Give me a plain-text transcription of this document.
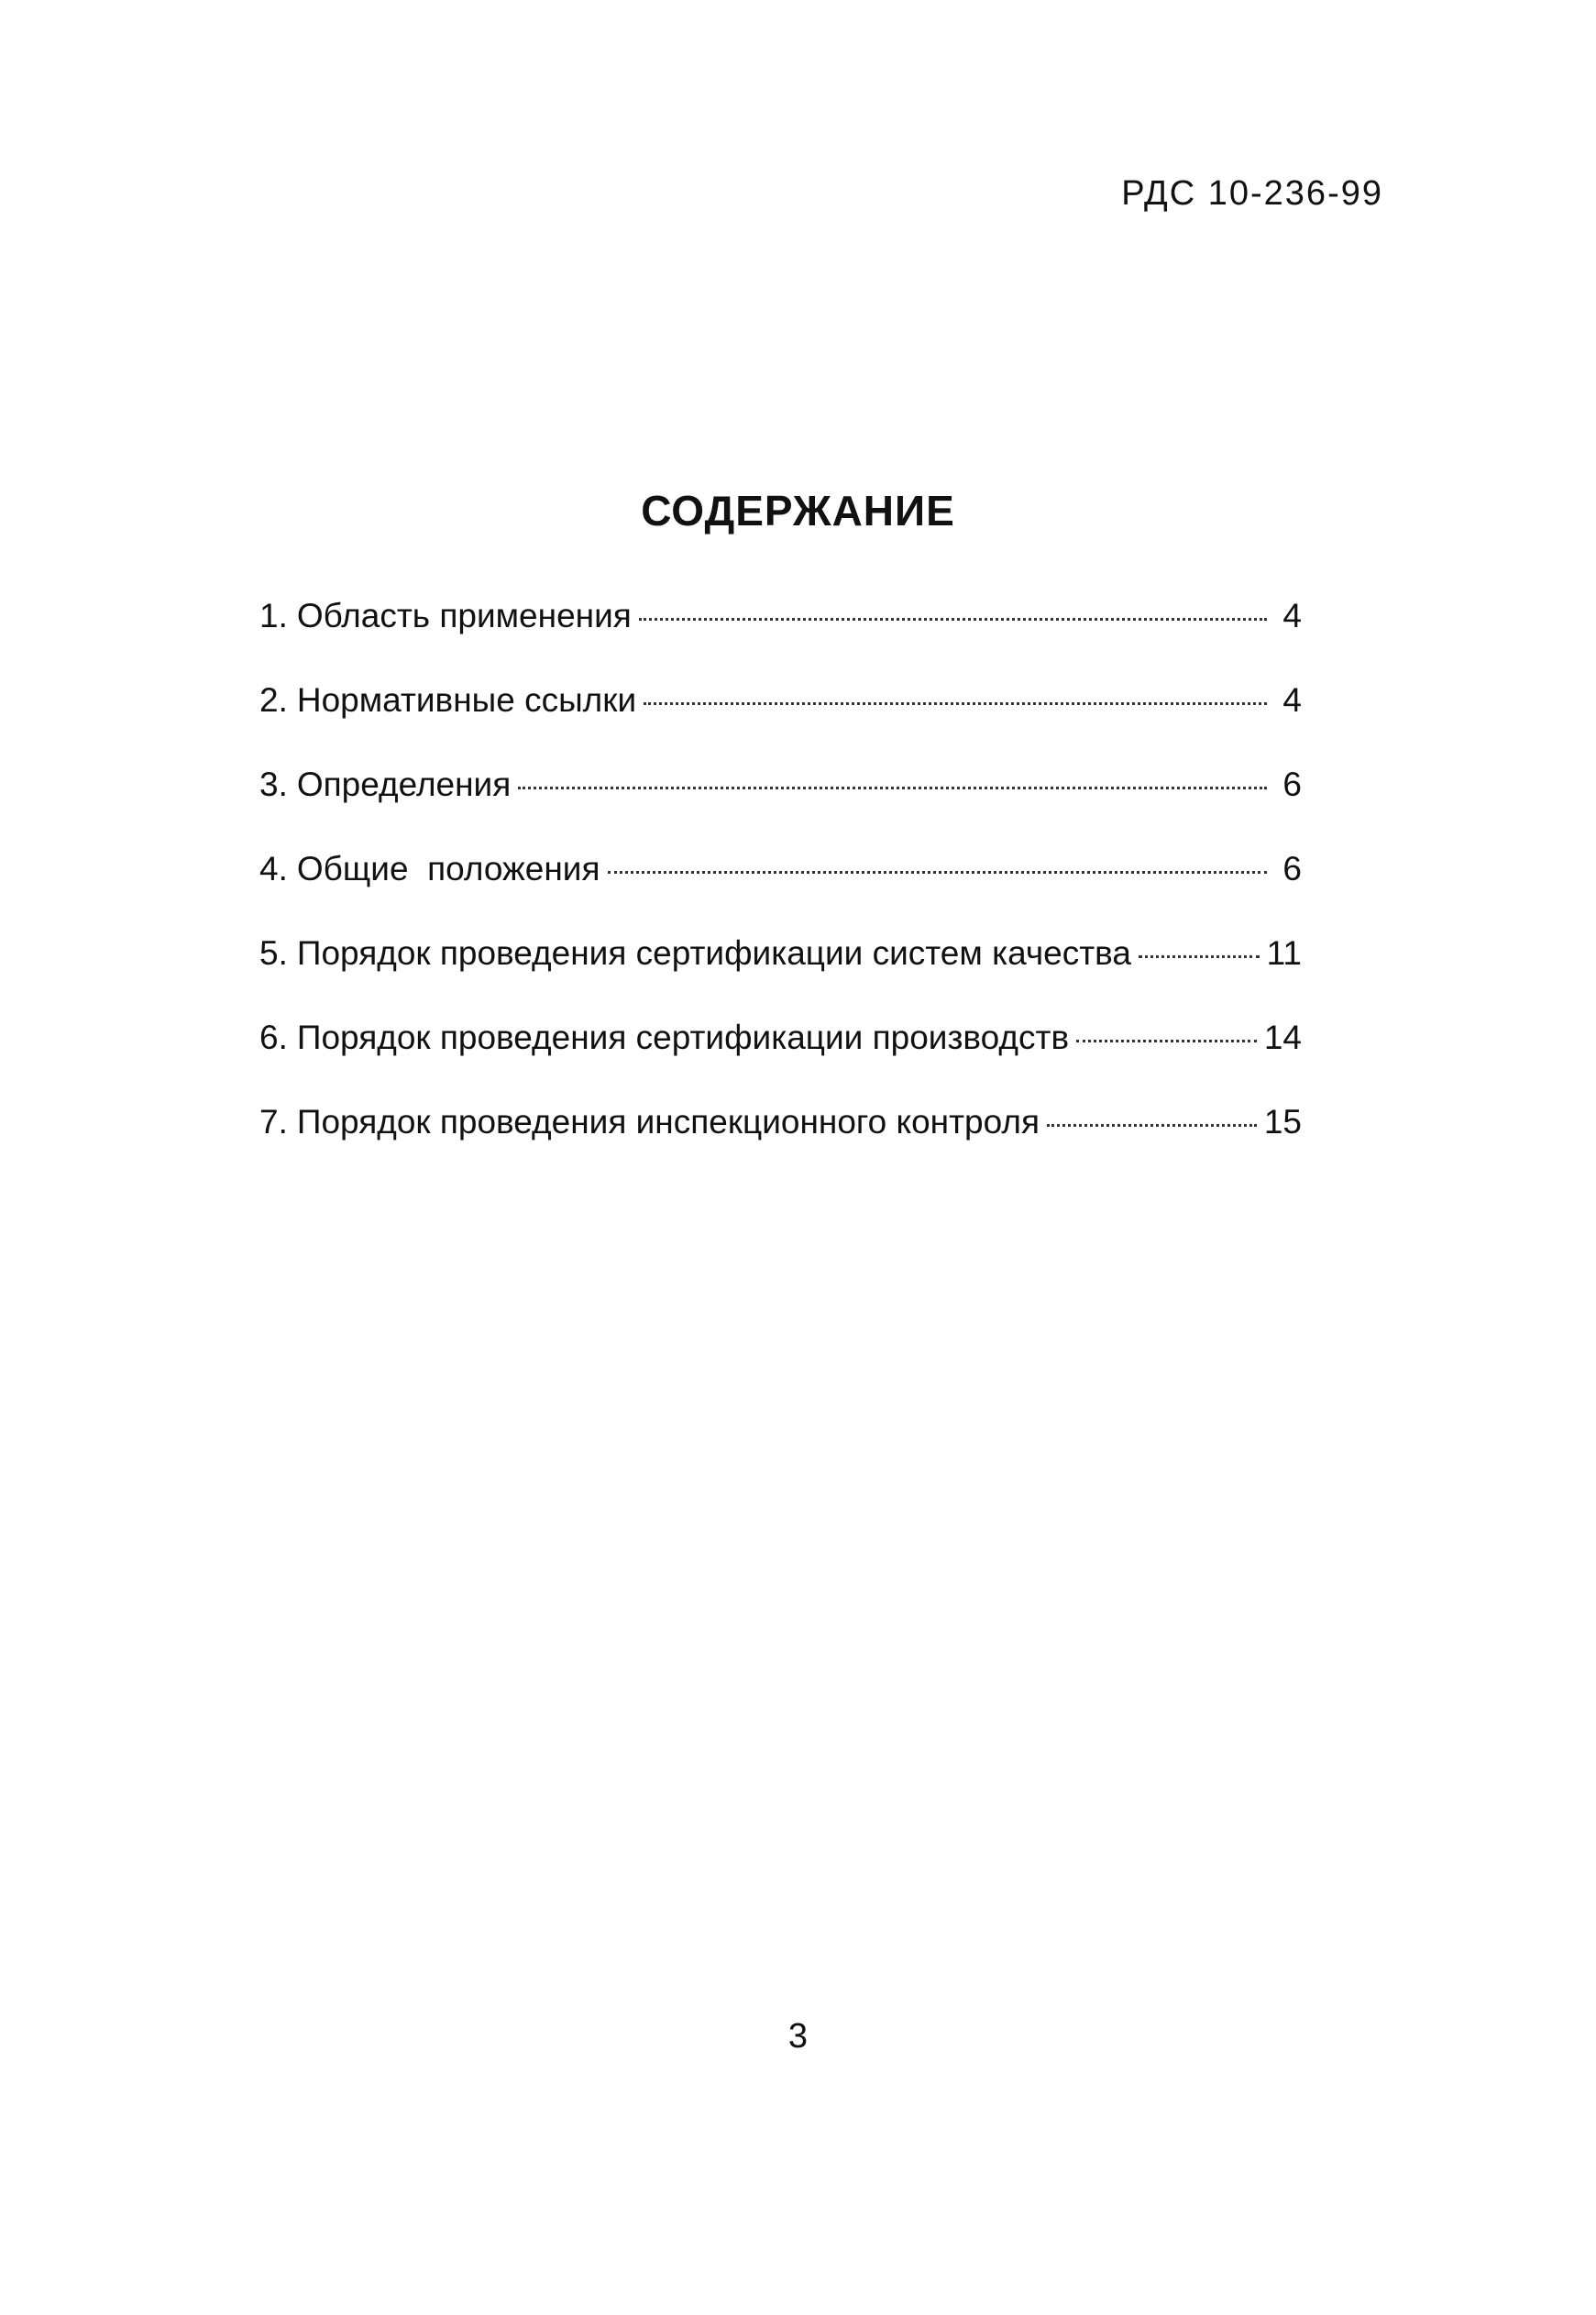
РДС 10-236-99
СОДЕРЖАНИЕ
1. Область применения	4
2. Нормативные ссылки	4
3. Определения	6
4. Общие  положения	6
5. Порядок проведения сертификации систем качества	11
6. Порядок проведения сертификации производств	14
7. Порядок проведения инспекционного контроля	15
3
